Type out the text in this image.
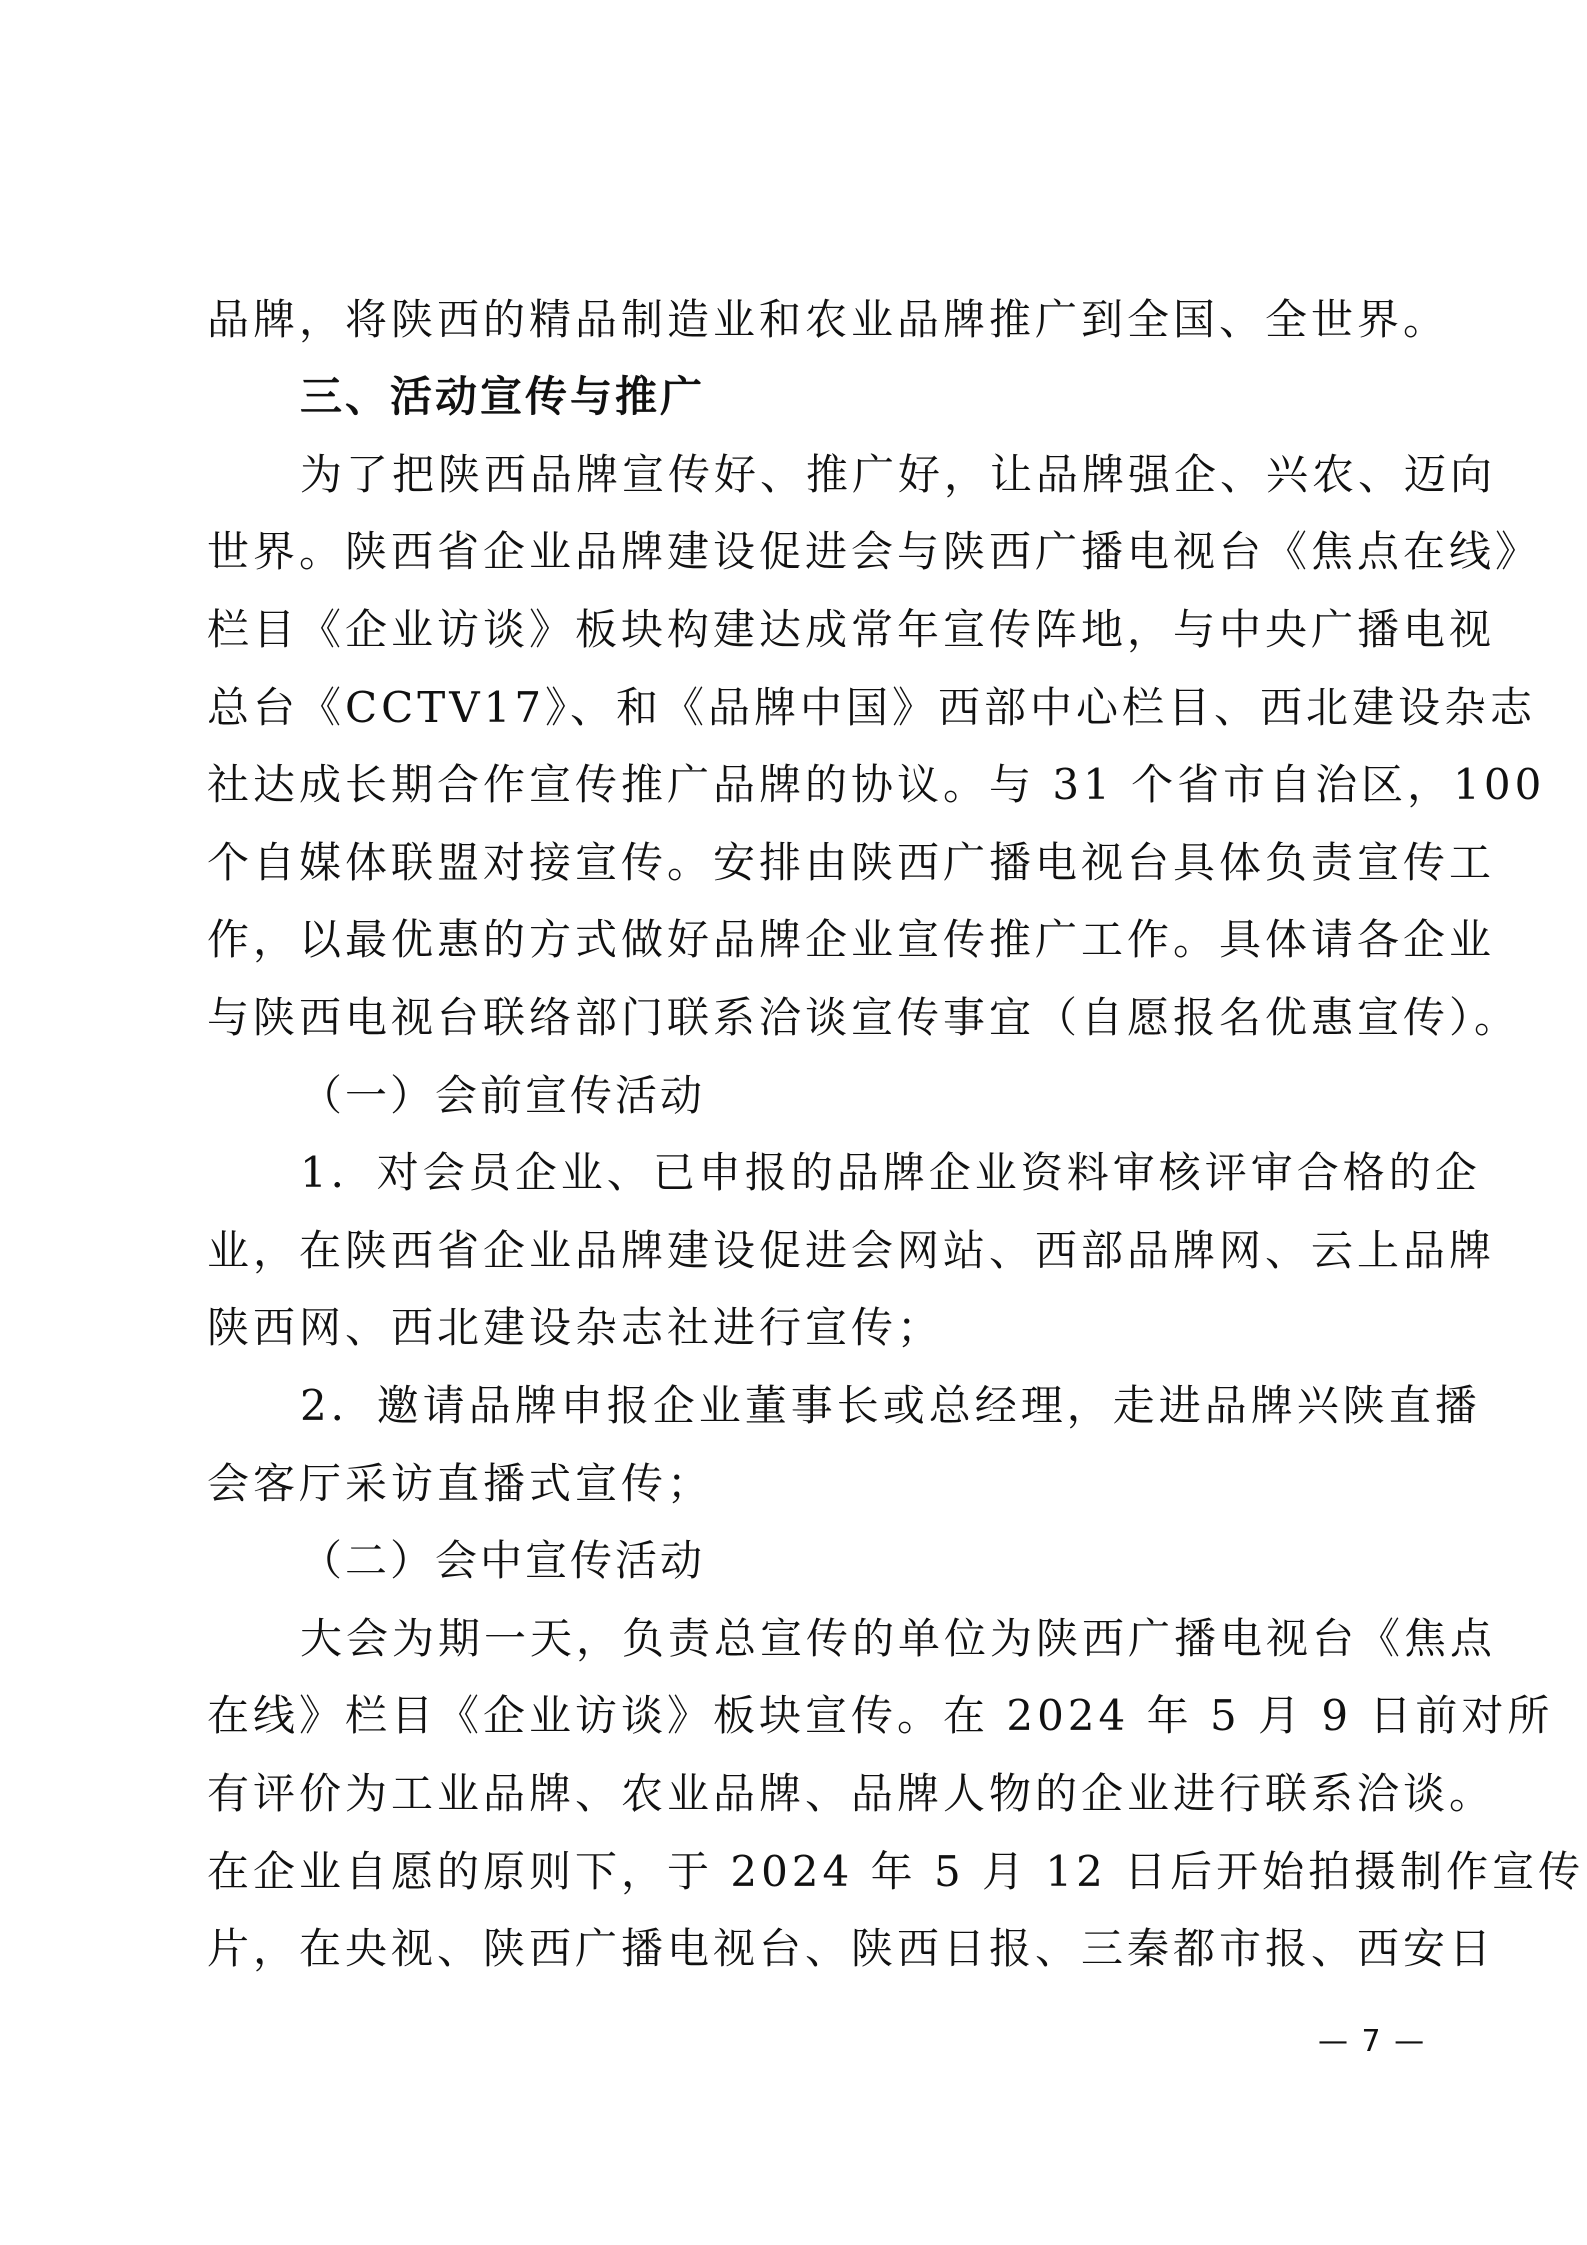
品牌，将陕西的精品制造业和农业品牌推广到全国、全世界。
三、活动宣传与推广
为了把陕西品牌宣传好、推广好，让品牌强企、兴农、迈向
世界。陕西省企业品牌建设促进会与陕西广播电视台《焦点在线》
栏目《企业访谈》板块构建达成常年宣传阵地，与中央广播电视
总台《CCTV17》、和《品牌中国》西部中心栏目、西北建设杂志
社达成长期合作宣传推广品牌的协议。与 31 个省市自治区，100
个自媒体联盟对接宣传。安排由陕西广播电视台具体负责宣传工
作，以最优惠的方式做好品牌企业宣传推广工作。具体请各企业
与陕西电视台联络部门联系洽谈宣传事宜（自愿报名优惠宣传）。
（一）会前宣传活动
1．对会员企业、已申报的品牌企业资料审核评审合格的企
业，在陕西省企业品牌建设促进会网站、西部品牌网、云上品牌
陕西网、西北建设杂志社进行宣传；
2．邀请品牌申报企业董事长或总经理，走进品牌兴陕直播
会客厅采访直播式宣传；
（二）会中宣传活动
大会为期一天，负责总宣传的单位为陕西广播电视台《焦点
在线》栏目《企业访谈》板块宣传。在 2024 年 5 月 9 日前对所
有评价为工业品牌、农业品牌、品牌人物的企业进行联系洽谈。
在企业自愿的原则下，于 2024 年 5 月 12 日后开始拍摄制作宣传
片，在央视、陕西广播电视台、陕西日报、三秦都市报、西安日
— 7 —
